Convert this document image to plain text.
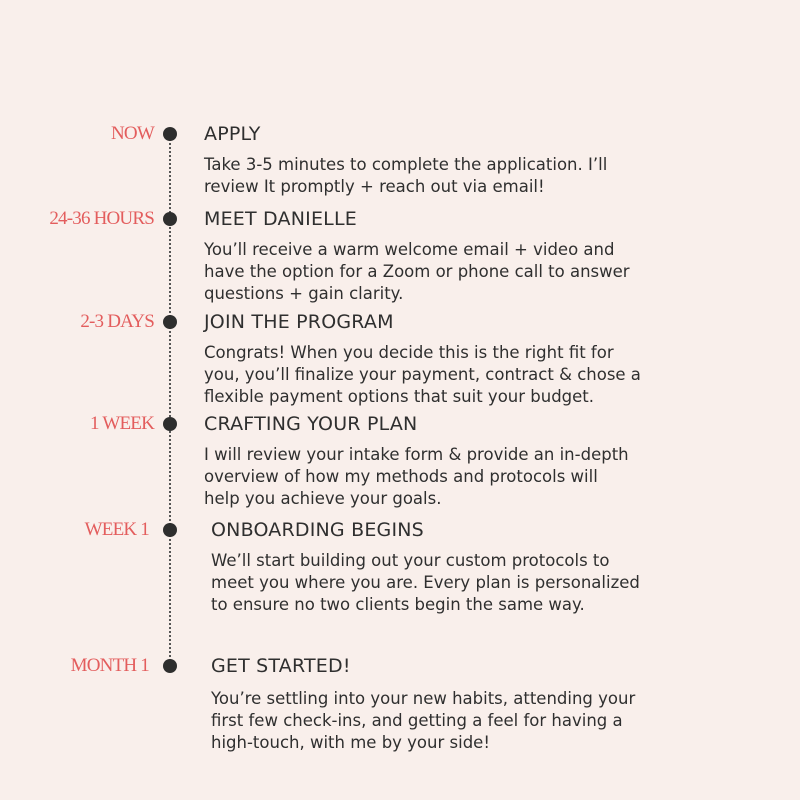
NOW	APPLY

Take 3-5 minutes to complete the application. I’ll
review It promptly + reach out via email!

24-36 HOURS	MEET DANIELLE

You’ll receive a warm welcome email + video and
have the option for a Zoom or phone call to answer
questions + gain clarity.

2-3 DAYS	JOIN THE PROGRAM

Congrats! When you decide this is the right fit for
you, you’ll finalize your payment, contract & chose a
flexible payment options that suit your budget.

1 WEEK	CRAFTING YOUR PLAN

I will review your intake form & provide an in-depth
overview of how my methods and protocols will
help you achieve your goals.

WEEK 1	ONBOARDING BEGINS

We’ll start building out your custom protocols to
meet you where you are. Every plan is personalized
to ensure no two clients begin the same way.

MONTH 1	GET STARTED!

You’re settling into your new habits, attending your
first few check-ins, and getting a feel for having a
high-touch, with me by your side!
